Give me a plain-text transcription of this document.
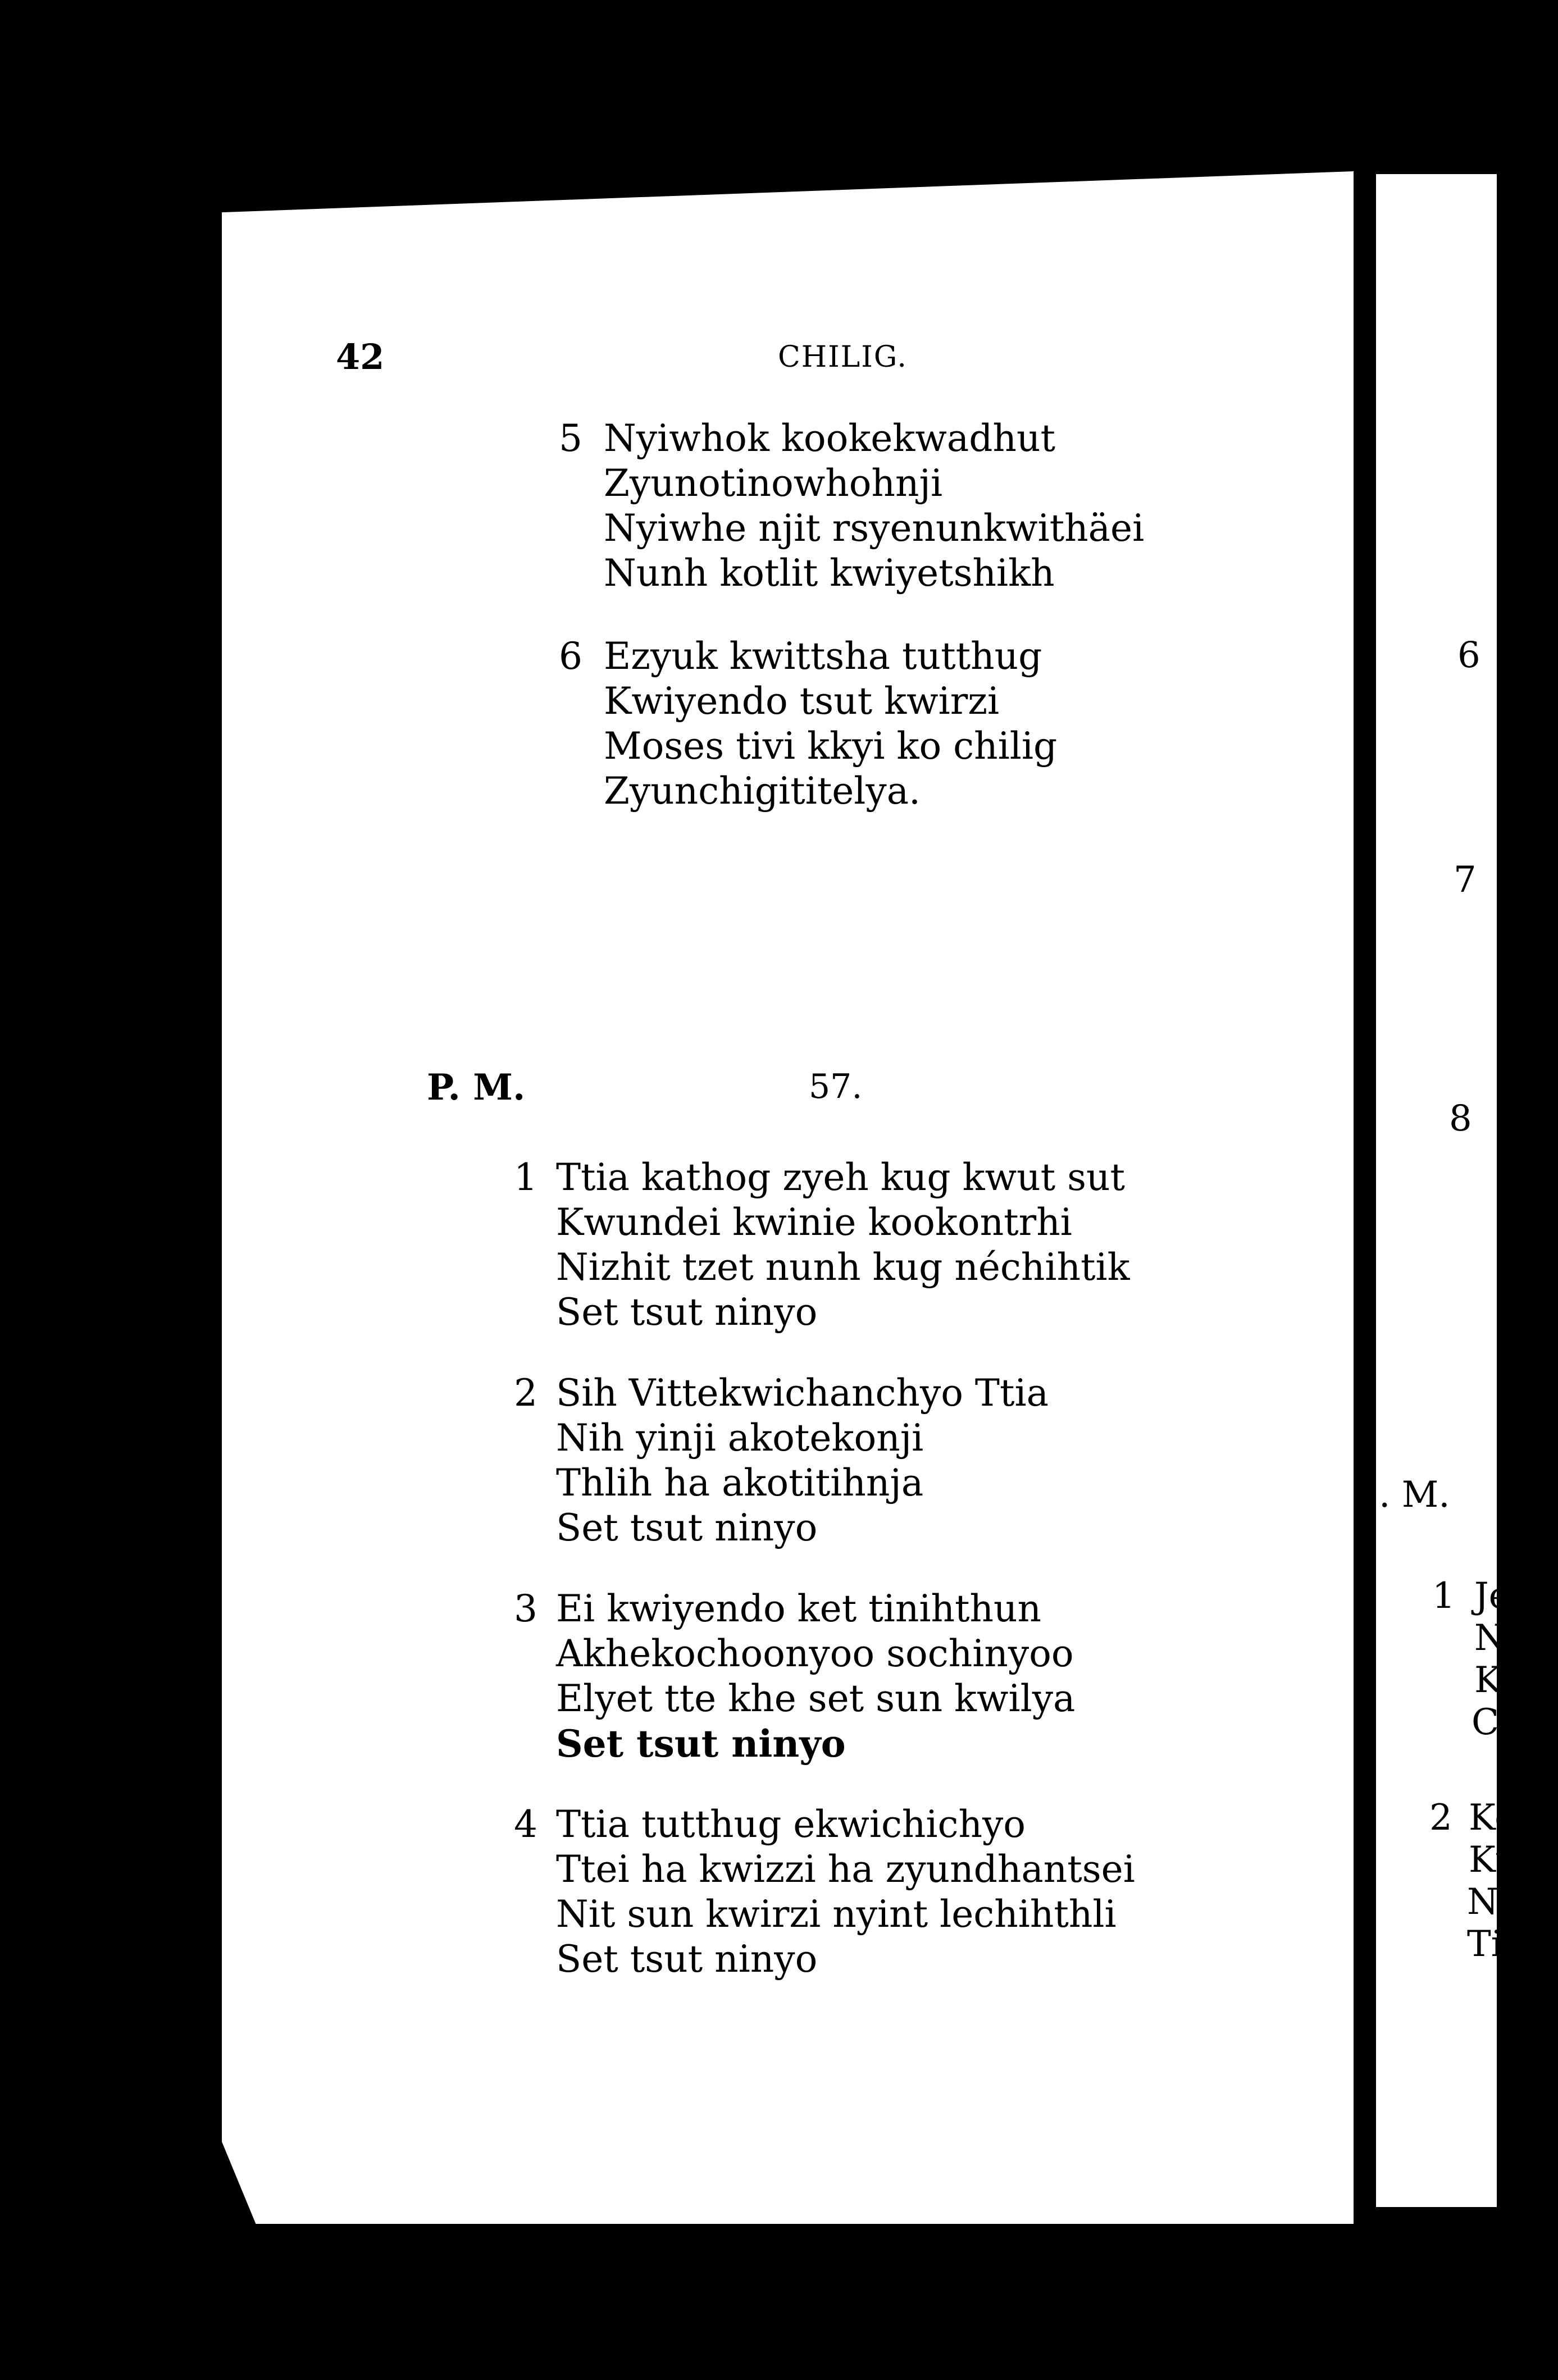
42	CHILIG.
5 Nyiwhok kookekwadhut
Zyunotinowhohnji
Nyiwhe njit rsyenunkwithäei
Nunh kotlit kwiyetshikh
6 Ezyuk kwittsha tutthug
Kwiyendo tsut kwirzi
Moses tivi kkyi ko chilig
Zyunchigititelya.
P. M.	57.
1 Ttia kathog zyeh kug kwut sut
Kwundei kwinie kookontrhi
Nizhit tzet nunh kug néchihtik
Set tsut ninyo
2 Sih Vittekwichanchyo Ttia
Nih yinji akotekonji
Thlih ha akotitihnja
Set tsut ninyo
3 Ei kwiyendo ket tinihthun
Akhekochoonyoo sochinyoo
Elyet tte khe set sun kwilya
Set tsut ninyo
4 Ttia tutthug ekwichichyo
Ttei ha kwizzi ha zyundhantsei
Nit sun kwirzi nyint lechihthli
Set tsut ninyo
6
7
8
. M.
1 Je
Ni
Ke
Ch
2 Ke
Kw
Ne
Tin
